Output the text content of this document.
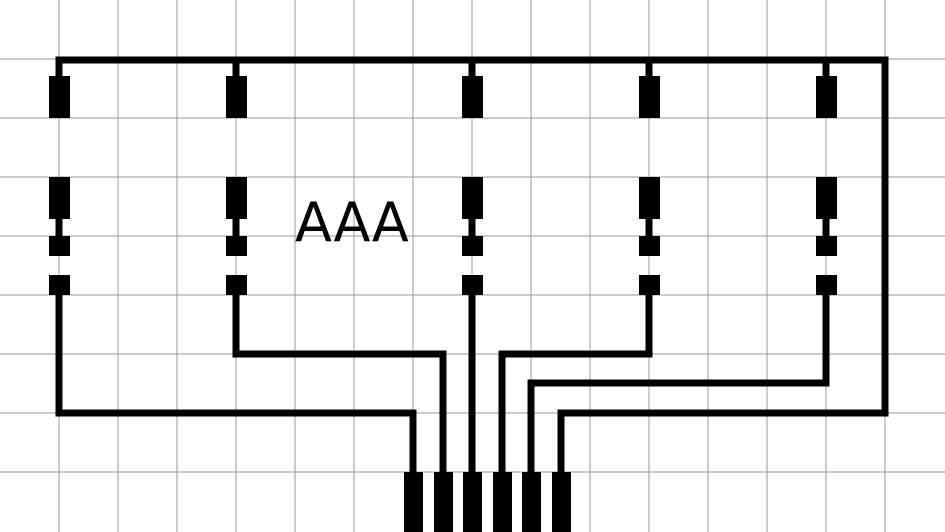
AAA
